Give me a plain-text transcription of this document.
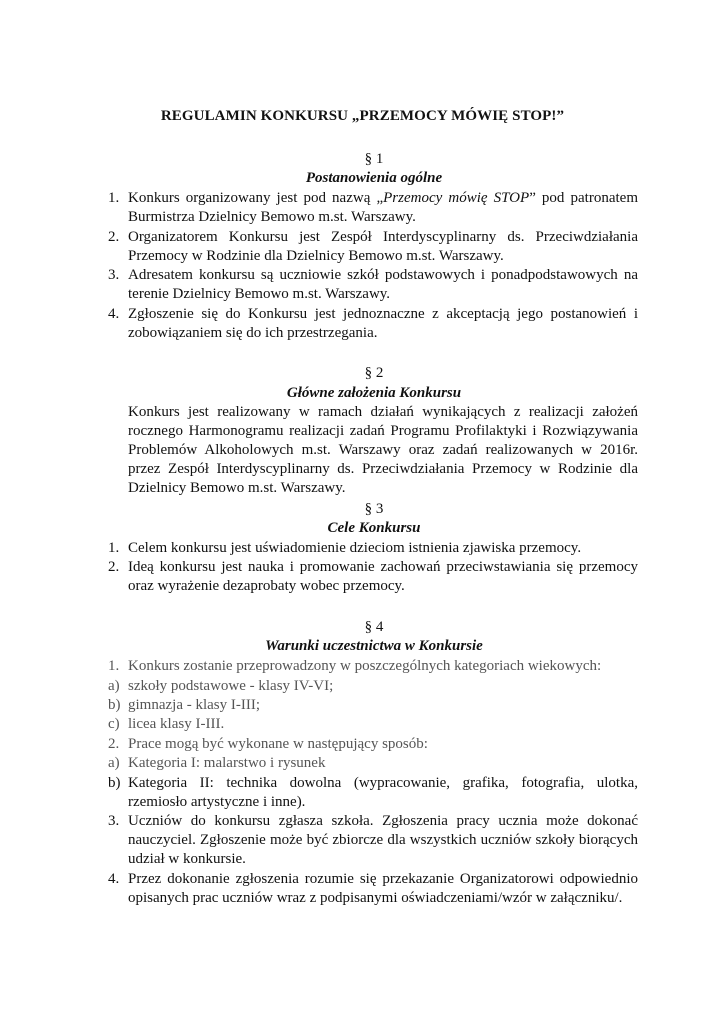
REGULAMIN KONKURSU „PRZEMOCY MÓWIĘ STOP!”
§ 1
Postanowienia ogólne
1. Konkurs organizowany jest pod nazwą „Przemocy mówię STOP” pod patronatem Burmistrza Dzielnicy Bemowo m.st. Warszawy.
2. Organizatorem Konkursu jest Zespół Interdyscyplinarny ds. Przeciwdziałania Przemocy w Rodzinie dla Dzielnicy Bemowo m.st. Warszawy.
3. Adresatem konkursu są uczniowie szkół podstawowych i ponadpodstawowych na terenie Dzielnicy Bemowo m.st. Warszawy.
4. Zgłoszenie się do Konkursu jest jednoznaczne z akceptacją jego postanowień i zobowiązaniem się do ich przestrzegania.
§ 2
Główne założenia Konkursu
Konkurs jest realizowany w ramach działań wynikających z realizacji założeń rocznego Harmonogramu realizacji zadań Programu Profilaktyki i Rozwiązywania Problemów Alkoholowych m.st. Warszawy oraz zadań realizowanych w 2016r. przez Zespół Interdyscyplinarny ds. Przeciwdziałania Przemocy w Rodzinie dla Dzielnicy Bemowo m.st. Warszawy.
§ 3
Cele Konkursu
1. Celem konkursu jest uświadomienie dzieciom istnienia zjawiska przemocy.
2. Ideą konkursu jest nauka i promowanie zachowań przeciwstawiania się przemocy oraz wyrażenie dezaprobaty wobec przemocy.
§ 4
Warunki uczestnictwa w Konkursie
1. Konkurs zostanie przeprowadzony w poszczególnych kategoriach wiekowych:
a) szkoły podstawowe - klasy IV-VI;
b) gimnazja - klasy I-III;
c) licea klasy I-III.
2. Prace mogą być wykonane w następujący sposób:
a) Kategoria I: malarstwo i rysunek
b) Kategoria II: technika dowolna (wypracowanie, grafika, fotografia, ulotka, rzemiosło artystyczne i inne).
3. Uczniów do konkursu zgłasza szkoła. Zgłoszenia pracy ucznia może dokonać nauczyciel. Zgłoszenie może być zbiorcze dla wszystkich uczniów szkoły biorących udział w konkursie.
4. Przez dokonanie zgłoszenia rozumie się przekazanie Organizatorowi odpowiednio opisanych prac uczniów wraz z podpisanymi oświadczeniami/wzór w załączniku/.
